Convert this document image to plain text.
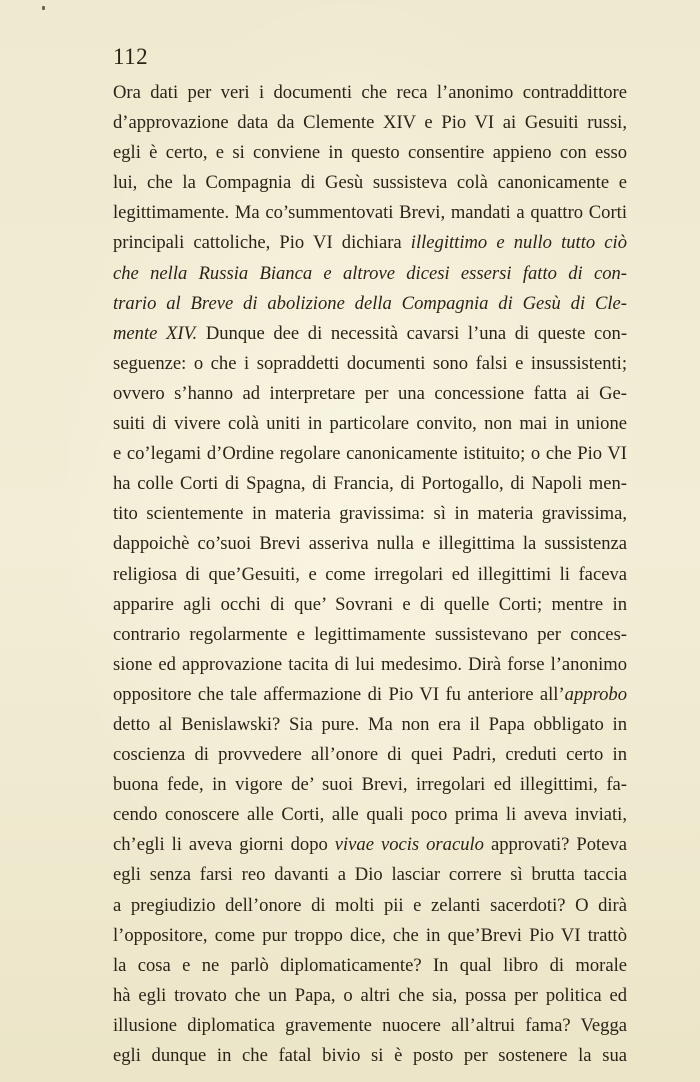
112
Ora dati per veri i documenti che reca l’anonimo contraddittore
d’approvazione data da Clemente XIV e Pio VI ai Gesuiti russi,
egli è certo, e si conviene in questo consentire appieno con esso
lui, che la Compagnia di Gesù sussisteva colà canonicamente e
legittimamente. Ma co’summentovati Brevi, mandati a quattro Corti
principali cattoliche, Pio VI dichiara illegittimo e nullo tutto ciò
che nella Russia Bianca e altrove dicesi essersi fatto di con-
trario al Breve di abolizione della Compagnia di Gesù di Cle-
mente XIV. Dunque dee di necessità cavarsi l’una di queste con-
seguenze: o che i sopraddetti documenti sono falsi e insussistenti;
ovvero s’hanno ad interpretare per una concessione fatta ai Ge-
suiti di vivere colà uniti in particolare convito, non mai in unione
e co’legami d’Ordine regolare canonicamente istituito; o che Pio VI
ha colle Corti di Spagna, di Francia, di Portogallo, di Napoli men-
tito scientemente in materia gravissima: sì in materia gravissima,
dappoichè co’suoi Brevi asseriva nulla e illegittima la sussistenza
religiosa di que’Gesuiti, e come irregolari ed illegittimi li faceva
apparire agli occhi di que’ Sovrani e di quelle Corti; mentre in
contrario regolarmente e legittimamente sussistevano per conces-
sione ed approvazione tacita di lui medesimo. Dirà forse l’anonimo
oppositore che tale affermazione di Pio VI fu anteriore all’approbo
detto al Benislawski? Sia pure. Ma non era il Papa obbligato in
coscienza di provvedere all’onore di quei Padri, creduti certo in
buona fede, in vigore de’ suoi Brevi, irregolari ed illegittimi, fa-
cendo conoscere alle Corti, alle quali poco prima li aveva inviati,
ch’egli li aveva giorni dopo vivae vocis oraculo approvati? Poteva
egli senza farsi reo davanti a Dio lasciar correre sì brutta taccia
a pregiudizio dell’onore di molti pii e zelanti sacerdoti? O dirà
l’oppositore, come pur troppo dice, che in que’Brevi Pio VI trattò
la cosa e ne parlò diplomaticamente? In qual libro di morale
hà egli trovato che un Papa, o altri che sia, possa per politica ed
illusione diplomatica gravemente nuocere all’altrui fama? Vegga
egli dunque in che fatal bivio si è posto per sostenere la sua
